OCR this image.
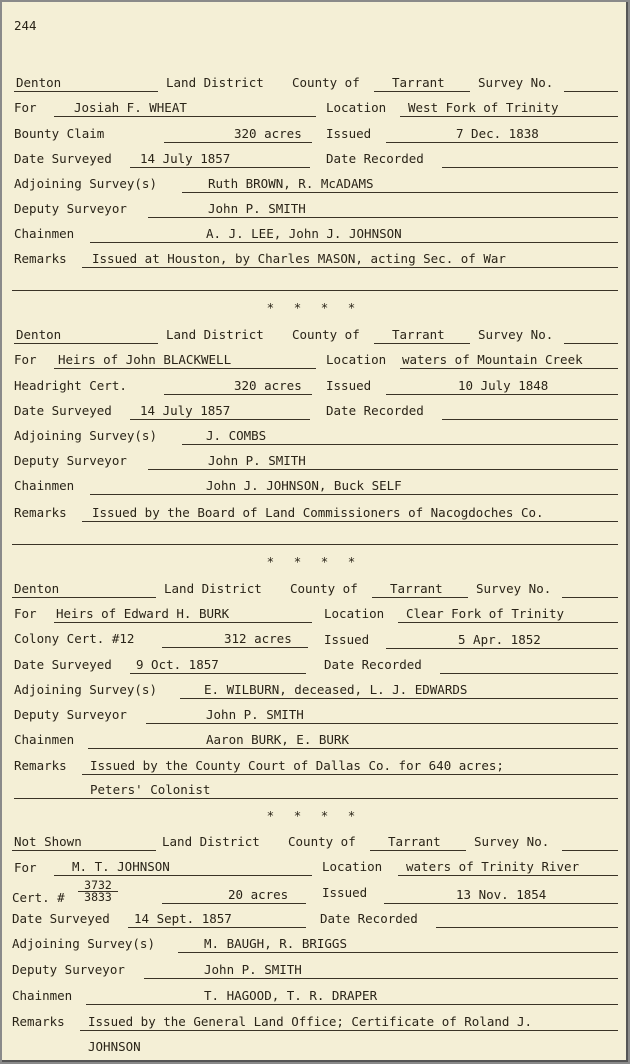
244
Denton	Land District County of	Tarrant	Survey No.
For	Josiah F. WHEAT	Location West Fork of Trinity
Bounty Claim	320 acres Issued	7 Dec. 1838
Date Surveyed 14 July 1857	Date Recorded
Adjoining Survey(s)	Ruth BROWN, R. McADAMS
Deputy Surveyor	John P. SMITH
Chainmen	A. J. LEE, John J. JOHNSON
Remarks Issued at Houston, by Charles MASON, acting Sec. of War
* * * *
Denton	Land District County of	Tarrant	Survey No.
For Heirs of John BLACKWELL	Location waters of Mountain Creek
Headright Cert.	320 acres Issued	10 July 1848
Date Surveyed 14 July 1857	Date Recorded
Adjoining Survey(s)	J. COMBS
Deputy Surveyor	John P. SMITH
Chainmen	John J. JOHNSON, Buck SELF
Remarks Issued by the Board of Land Commissioners of Nacogdoches Co.
* * * *
Denton	Land District County of	Tarrant	Survey No.
For Heirs of Edward H. BURK	Location Clear Fork of Trinity
Colony Cert. #12	312 acres	Issued	5 Apr. 1852
Date Surveyed 9 Oct. 1857	Date Recorded
Adjoining Survey(s)	E. WILBURN, deceased, L. J. EDWARDS
Deputy Surveyor	John P. SMITH
Chainmen	Aaron BURK, E. BURK
Remarks Issued by the County Court of Dallas Co. for 640 acres;
Peters' Colonist
* * * *
Not Shown	Land District County of	Tarrant	Survey No.
For	M. T. JOHNSON	Location waters of Trinity River
Cert. # $\frac{3732}{3833}$	20 acres	Issued	13 Nov. 1854
Date Surveyed 14 Sept. 1857	Date Recorded
Adjoining Survey(s)	M. BAUGH, R. BRIGGS
Deputy Surveyor	John P. SMITH
Chainmen	T. HAGOOD, T. R. DRAPER
Remarks Issued by the General Land Office; Certificate of Roland J.
JOHNSON
